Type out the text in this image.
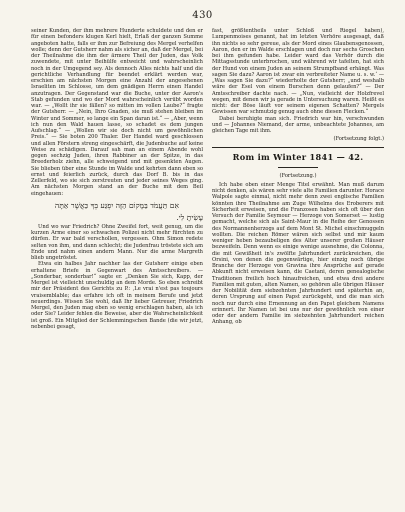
430

seiner Kunden, der ihm mehrere Hunderte schuldete und den er für einen befonders klugen Kerl hielt, Erlaß der ganzen Summe angeboten hatte, falls er ihm zur Befreiung des Mergel verhelfen wolle; denn der Gutsherr nahm als sicher an, daß der Mergel, bei der Theilnahme die ihm der ärmere Theil der Juden, das Volk zuwendete, mit unter Beihülfe entweicht und wahrscheinlich noch in der Umgegend sey. Als dennoch Alles nichts half und die gerichtliche Verhandlung für beendet erklärt werden war, erschien am nächsten Morgen eine Anzahl der angesehenen Israeliten im Schlosse, um dem gnädigen Herrn einen Handel anzutragen. Der Gegenstand war die Buche, unter der Aaron's Stab gefunden und wo der Mord wahrscheinlich verübt worden war. — „Wollt ihr sie fällen? so mitten im vollen Laube?“ fragte der Gutsherr. — „Nein, Ihro Gnaden, sie muß stehen bleiben im Winter und Sommer, so lange ein Span daran ist.“ — „Aber, wenn ich nun den Wald hauen lasse, so schadet es dem jungen Aufschlag.“ — „Wollen wir sie doch nicht um gewöhnlichen Preis.“ — Sie boten 200 Thaler. Der Handel ward geschlossen und allen Förstern streng eingeschärft, die Judenbuche auf keine Weise zu schädigen. Darauf sah man an einem Abende wohl gegen sechzig Juden, ihren Rabbiner an der Spitze, in das Breederholz ziehn, alle schweigend und mit gesenkten Augen. Sie blieben über eine Stunde im Walde und kehrten dann eben so ernst und feierlich zurück, durch das Dorf B. bis in das Zellerfeld, wo sie sich zerstreuten und jeder seines Weges ging. Am nächsten Morgen stand an der Buche mit dem Beil eingehauen:

אִם תַּעֲמֹד בַּמָּקוֹם הַזֶּה יִפְגַּע בְּךָ כַּאֲשֶׁר אַתָּה

עָשִׂיתָ לִי.

Und wo war Friedrich? Ohne Zweifel fort, weit genug, um die kurzen Arme einer so schwachen Polizei nicht mehr fürchten zu dürfen. Er war bald verschollen, vergessen. Ohm Simon redete selten von ihm, und dann schlecht; die Judenfrau tröstete sich am Ende und nahm einen andern Mann. Nur die arme Margreth blieb ungetröstet.

Etwa ein halbes Jahr nachher las der Gutsherr einige eben erhaltene Briefe in Gegenwart des Amtsschreibers. — „Sonderbar, sonderbar!“ sagte er. „Denken Sie sich, Kapp, der Mergel ist vielleicht unschuldig an dem Morde. So eben schreibt mir der Präsident des Gerichts zu P.: ‚Le vrai n'est pas toujours vraisemblable; das erfahre ich oft in meinem Berufe und jetzt neuerdings. Wissen Sie wohl, daß Ihr lieber Getreuer, Friedrich Mergel, den Juden mag eben so wenig erschlagen haben, als ich oder Sie? Leider fehlen die Beweise, aber die Wahrscheinlichkeit ist groß. Ein Mitglied der Schlemmingschen Bande (die wir jetzt, nebenbei gesagt,

fast, größtentheils unter Schloß und Riegel haben), Lumpenmoises genannt, hat im letzten Verhöre ausgesagt, daß ihn nichts so sehr gereue, als der Mord eines Glaubensgenossen, Aaron, den er im Walde erschlagen und doch nur sechs Groschen bei ihm gefunden habe. Leider ward das Verhör durch die Mittagsstunde unterbrochen, und während wir tafelten, hat sich der Hund von einem Juden an seinem Strumpfband erhängt. Was sagen Sie dazu? Aaron ist zwar ein verbreiteter Name u. s. w.‘ — „Was sagen Sie dazu?“ wiederholte der Gutsherr; „und weshalb wäre der Esel von einem Burschen denn gelaufen?“ — Der Amtsschreiber dachte nach. — „Nun, vielleicht der Holzfrevel wegen, mit denen wir ja gerade in Untersuchung waren. Heißt es nicht: der Böse läuft vor seinem eigenen Schatten? Mergels Gewissen war schmutzig genug auch ohne diesen Flecken.“

Dabei beruhigte man sich. Friedrich war hin, verschwunden und — Johannes Niemand, der arme, unbeachtete Johannes, am gleichen Tage mit ihm.

(Fortsetzung folgt.)

Rom im Winter 1841 — 42.
(Fortsetzung.)

Ich habe oben einer Menge Titel erwähnt. Man muß darum nicht denken, als wären sehr viele alte Familien darunter. Horace Walpole sagte einmal, nicht mehr denn zwei englische Familien könnten ihre Theilnahme am Zuge Wilhelms des Eroberers mit Sicherheit erweisen, und die Franzosen haben sich oft über den Versuch der Familie Seymour — Herzoge von Somerset — lustig gemacht, welche sich als Saint-Maur in die Reihe der Genossen des Normannenherzogs auf dem Mont St. Michel einschmuggeln wollten. Die reichen Römer wären sich selbst und mir kaum weniger heben bezaubeligen des Alter unserer großen Häuser bezweifeln. Denn wenn es einige wenige ausnehme, die Colonna, die mit Gewißheit in's zwölfte Jahrhundert zurückreichen, die Orsini, von denen die gegenwärtige, hier einzig noch übrige Branche der Herzoge von Gravina ihre Ansprüche auf gerade Abkunft nicht erweisen kann, die Caetani, deren genealogische Traditionen freilich hoch hinaufreichen, und etwa drei andere Familien mit guten, alten Namen, so gehören alle übrigen Häuser der Nobilität dem siebzehnten Jahrhundert und späterhin an, deren Ursprung auf einen Papst zurückgeht, und die man sich noch nur durch eine Ernennung an den Papst gleichem Namens erinnert. Ihr Namen ist bei uns nur der gewöhnlich von einer oder der andern Familie im siebzehnten Jahrhundert reichen Anhang, ob
